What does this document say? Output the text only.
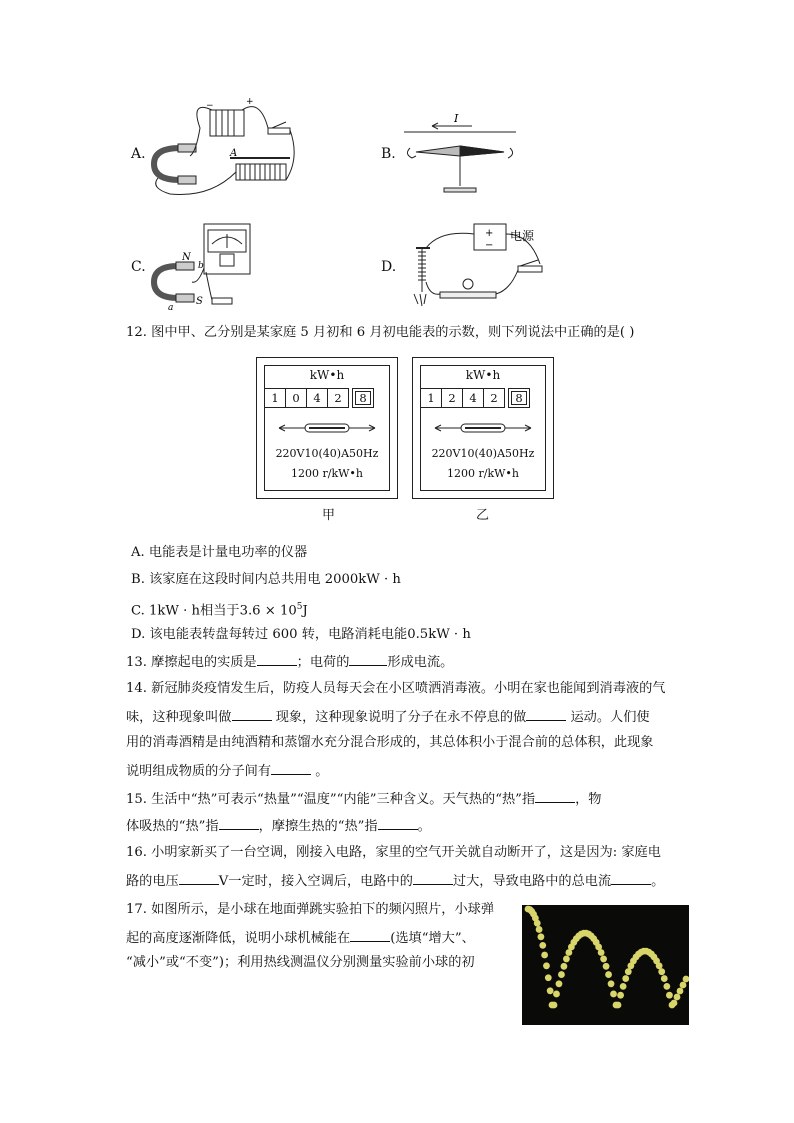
A.
−	+
A	B.
I
C.
N
S
a
b	D.
+
−
电源
12. 图中甲、乙分别是某家庭 5 月初和 6 月初电能表的示数，则下列说法中正确的是( )
kW•h
1	0	4	2	8
220V10(40)A50Hz
1200 r/kW•h
甲
kW•h
1	2	4	2	8
220V10(40)A50Hz
1200 r/kW•h
乙
A. 电能表是计量电功率的仪器
B. 该家庭在这段时间内总共用电 2000kW · h
C. 1kW · h相当于$3.6 \times 10^5J$
D. 该电能表转盘每转过 600 转，电路消耗电能0.5kW · h
13. 摩擦起电的实质是	；电荷的	形成电流。
14. 新冠肺炎疫情发生后，防疫人员每天会在小区喷洒消毒液。小明在家也能闻到消毒液的气
味，这种现象叫做	现象，这种现象说明了分子在永不停息的做	运动。人们使
用的消毒酒精是由纯酒精和蒸馏水充分混合形成的，其总体积小于混合前的总体积，此现象
说明组成物质的分子间有	。
15. 生活中“热”可表示“热量”“温度”“内能”三种含义。天气热的“热”指	，物
体吸热的“热”指	，摩擦生热的“热”指	。
16. 小明家新买了一台空调，刚接入电路，家里的空气开关就自动断开了，这是因为: 家庭电
路的电压	V一定时，接入空调后，电路中的	过大，导致电路中的总电流	。
17. 如图所示，是小球在地面弹跳实验拍下的频闪照片，小球弹
起的高度逐渐降低，说明小球机械能在	(选填“增大”、
“减小”或“不变”)；利用热线测温仪分别测量实验前小球的初
